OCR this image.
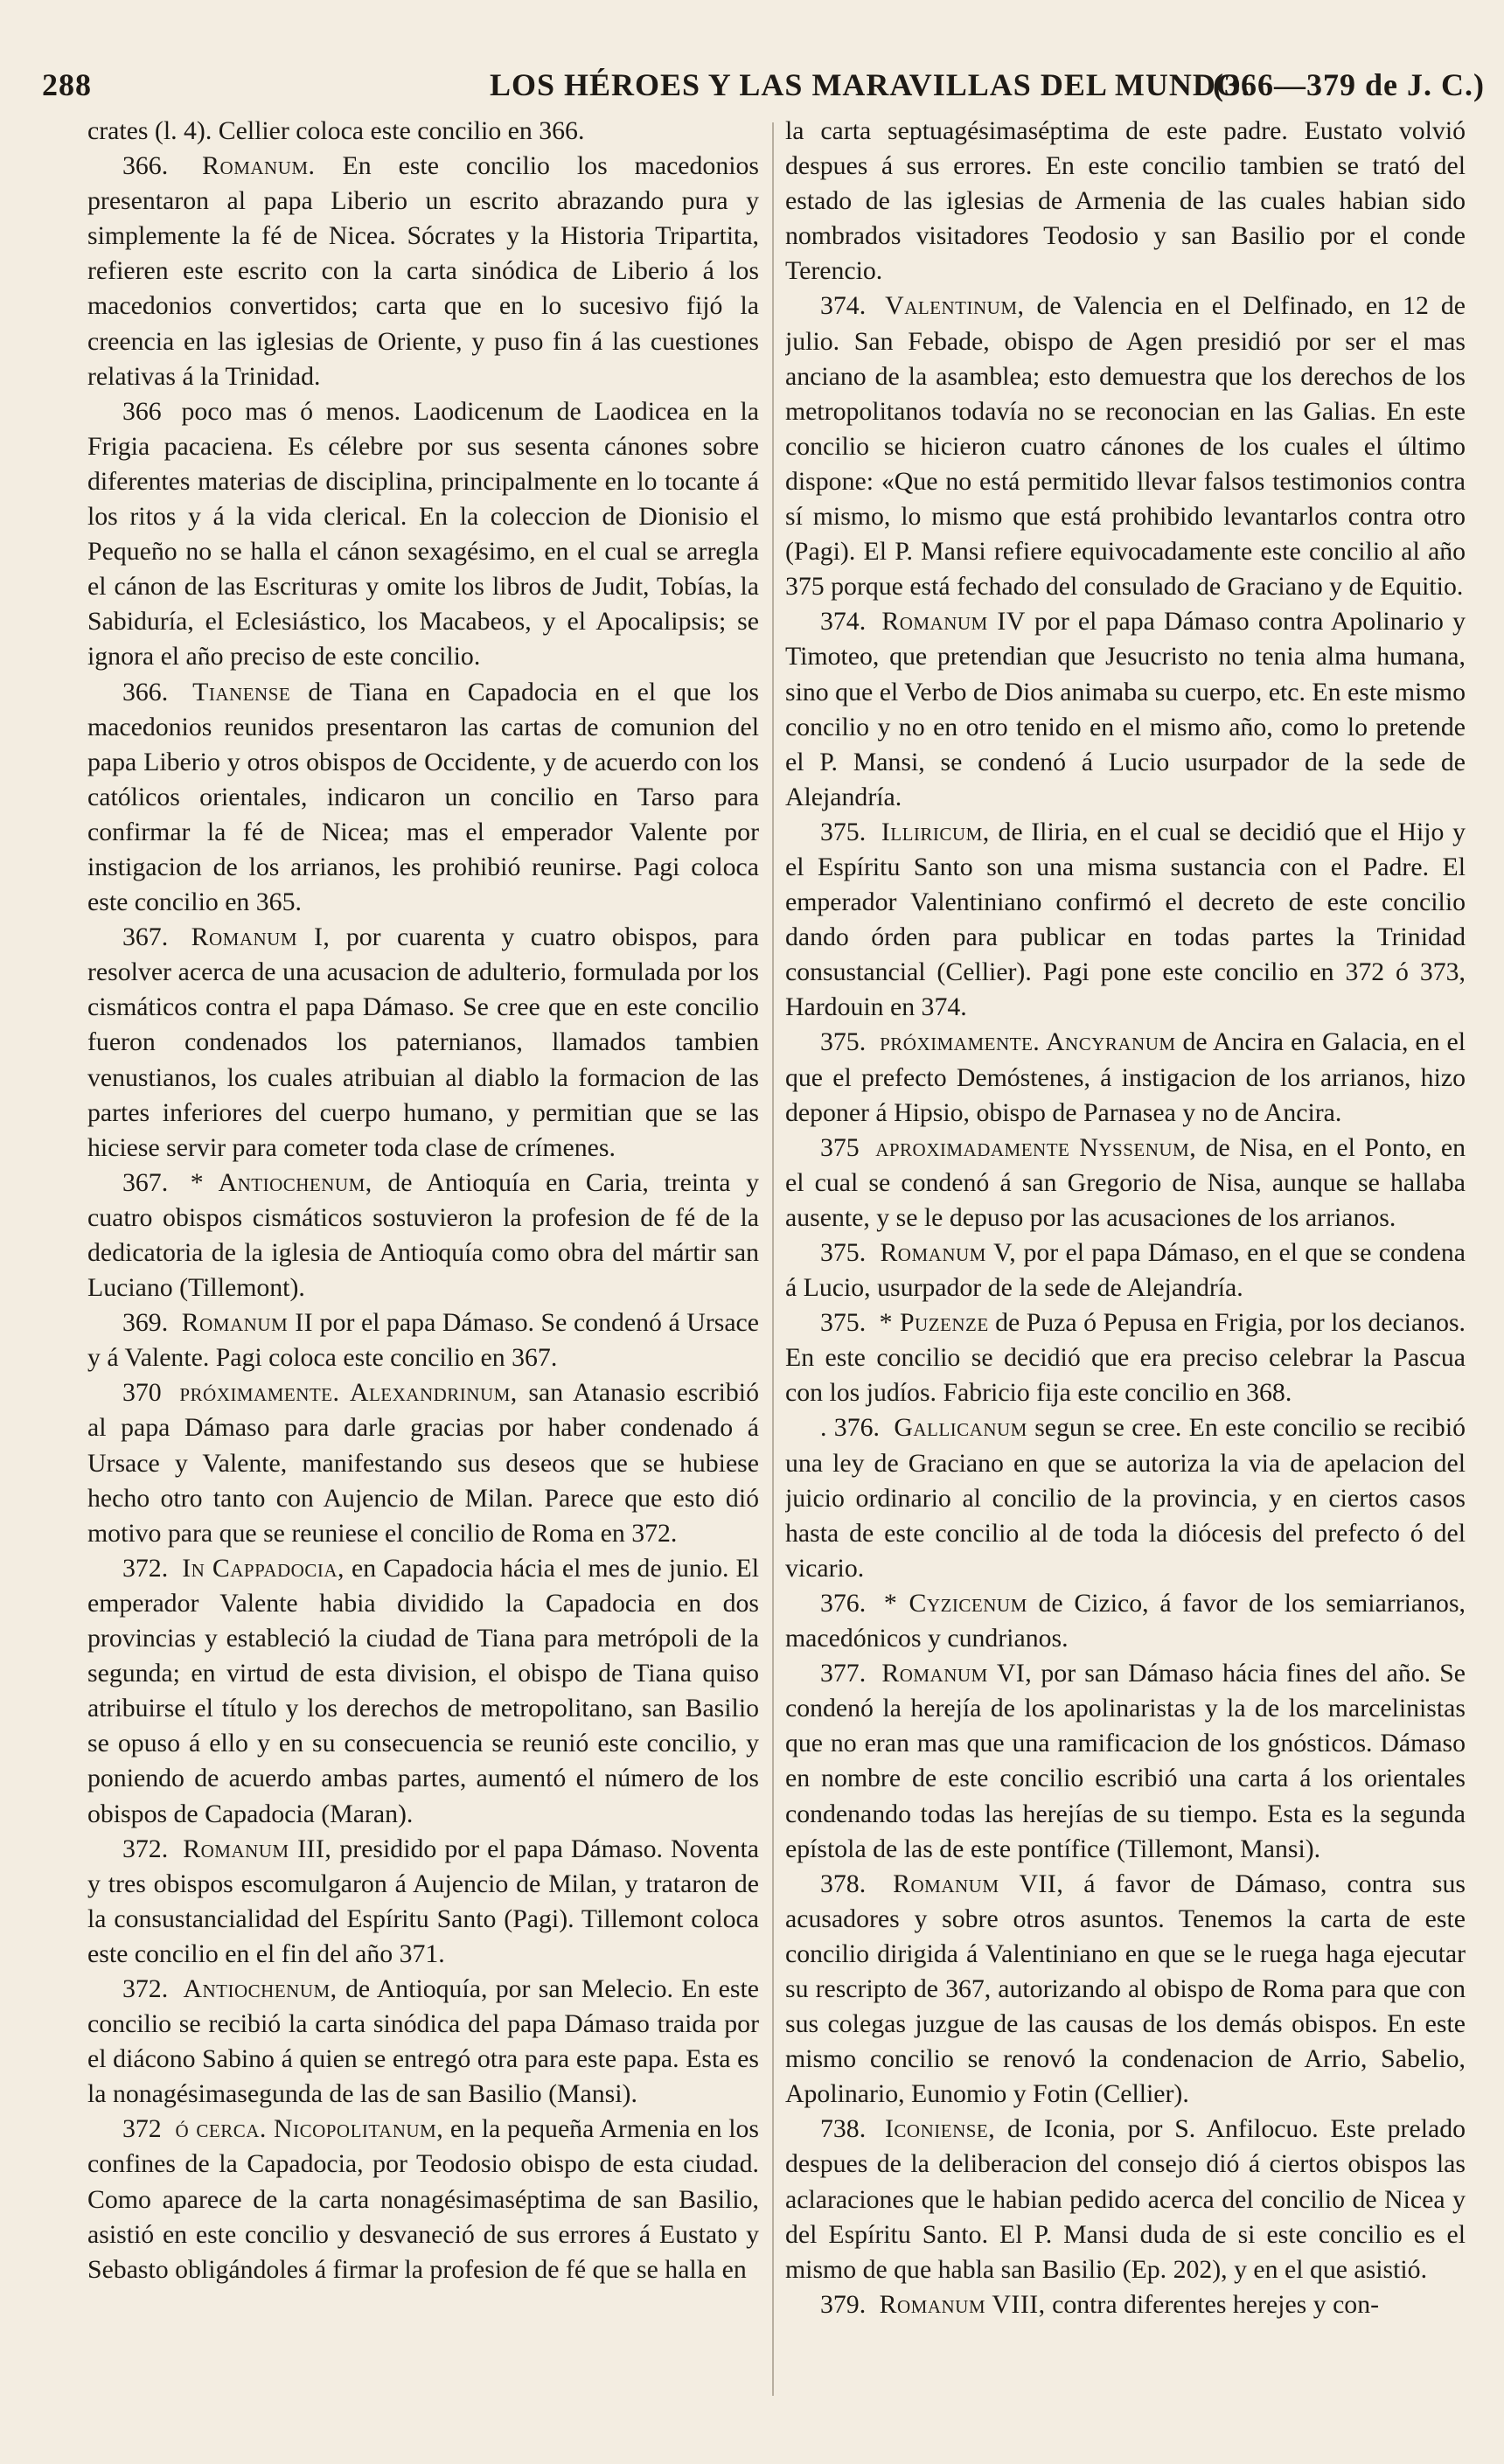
288	LOS HÉROES Y LAS MARAVILLAS DEL MUNDO.
(366—379 de J. C.)

crates (l. 4). Cellier coloca este concilio en 366.

366. Romanum. En este concilio los macedonios presentaron al papa Liberio un escrito abrazando pura y simplemente la fé de Nicea. Sócrates y la Historia Tripartita, refieren este escrito con la carta sinódica de Liberio á los macedonios convertidos; carta que en lo sucesivo fijó la creencia en las iglesias de Oriente, y puso fin á las cuestiones relativas á la Trinidad.

366 poco mas ó menos. Laodicenum de Laodicea en la Frigia pacaciena. Es célebre por sus sesenta cánones sobre diferentes materias de disciplina, principalmente en lo tocante á los ritos y á la vida clerical. En la coleccion de Dionisio el Pequeño no se halla el cánon sexagésimo, en el cual se arregla el cánon de las Escrituras y omite los libros de Judit, Tobías, la Sabiduría, el Eclesiástico, los Macabeos, y el Apocalipsis; se ignora el año preciso de este concilio.

366. Tianense de Tiana en Capadocia en el que los macedonios reunidos presentaron las cartas de comunion del papa Liberio y otros obispos de Occidente, y de acuerdo con los católicos orientales, indicaron un concilio en Tarso para confirmar la fé de Nicea; mas el emperador Valente por instigacion de los arrianos, les prohibió reunirse. Pagi coloca este concilio en 365.

367. Romanum I, por cuarenta y cuatro obispos, para resolver acerca de una acusacion de adulterio, formulada por los cismáticos contra el papa Dámaso. Se cree que en este concilio fueron condenados los paternianos, llamados tambien venustianos, los cuales atribuian al diablo la formacion de las partes inferiores del cuerpo humano, y permitian que se las hiciese servir para cometer toda clase de crímenes.

367. * Antiochenum, de Antioquía en Caria, treinta y cuatro obispos cismáticos sostuvieron la profesion de fé de la dedicatoria de la iglesia de Antioquía como obra del mártir san Luciano (Tillemont).

369. Romanum II por el papa Dámaso. Se condenó á Ursace y á Valente. Pagi coloca este concilio en 367.

370 próximamente. Alexandrinum, san Atanasio escribió al papa Dámaso para darle gracias por haber condenado á Ursace y Valente, manifestando sus deseos que se hubiese hecho otro tanto con Aujencio de Milan. Parece que esto dió motivo para que se reuniese el concilio de Roma en 372.

372. In Cappadocia, en Capadocia hácia el mes de junio. El emperador Valente habia dividido la Capadocia en dos provincias y estableció la ciudad de Tiana para metrópoli de la segunda; en virtud de esta division, el obispo de Tiana quiso atribuirse el título y los derechos de metropolitano, san Basilio se opuso á ello y en su consecuencia se reunió este concilio, y poniendo de acuerdo ambas partes, aumentó el número de los obispos de Capadocia (Maran).

372. Romanum III, presidido por el papa Dámaso. Noventa y tres obispos escomulgaron á Aujencio de Milan, y trataron de la consustancialidad del Espíritu Santo (Pagi). Tillemont coloca este concilio en el fin del año 371.

372. Antiochenum, de Antioquía, por san Melecio. En este concilio se recibió la carta sinódica del papa Dámaso traida por el diácono Sabino á quien se entregó otra para este papa. Esta es la nonagésimasegunda de las de san Basilio (Mansi).

372 ó cerca. Nicopolitanum, en la pequeña Armenia en los confines de la Capadocia, por Teodosio obispo de esta ciudad. Como aparece de la carta nonagésimaséptima de san Basilio, asistió en este concilio y desvaneció de sus errores á Eustato y Sebasto obligándoles á firmar la profesion de fé que se halla en

la carta septuagésimaséptima de este padre. Eustato volvió despues á sus errores. En este concilio tambien se trató del estado de las iglesias de Armenia de las cuales habian sido nombrados visitadores Teodosio y san Basilio por el conde Terencio.

374. Valentinum, de Valencia en el Delfinado, en 12 de julio. San Febade, obispo de Agen presidió por ser el mas anciano de la asamblea; esto demuestra que los derechos de los metropolitanos todavía no se reconocian en las Galias. En este concilio se hicieron cuatro cánones de los cuales el último dispone: «Que no está permitido llevar falsos testimonios contra sí mismo, lo mismo que está prohibido levantarlos contra otro (Pagi). El P. Mansi refiere equivocadamente este concilio al año 375 porque está fechado del consulado de Graciano y de Equitio.

374. Romanum IV por el papa Dámaso contra Apolinario y Timoteo, que pretendian que Jesucristo no tenia alma humana, sino que el Verbo de Dios animaba su cuerpo, etc. En este mismo concilio y no en otro tenido en el mismo año, como lo pretende el P. Mansi, se condenó á Lucio usurpador de la sede de Alejandría.

375. Illiricum, de Iliria, en el cual se decidió que el Hijo y el Espíritu Santo son una misma sustancia con el Padre. El emperador Valentiniano confirmó el decreto de este concilio dando órden para publicar en todas partes la Trinidad consustancial (Cellier). Pagi pone este concilio en 372 ó 373, Hardouin en 374.

375. próximamente. Ancyranum de Ancira en Galacia, en el que el prefecto Demóstenes, á instigacion de los arrianos, hizo deponer á Hipsio, obispo de Parnasea y no de Ancira.

375 aproximadamente Nyssenum, de Nisa, en el Ponto, en el cual se condenó á san Gregorio de Nisa, aunque se hallaba ausente, y se le depuso por las acusaciones de los arrianos.

375. Romanum V, por el papa Dámaso, en el que se condena á Lucio, usurpador de la sede de Alejandría.

375. * Puzenze de Puza ó Pepusa en Frigia, por los decianos. En este concilio se decidió que era preciso celebrar la Pascua con los judíos. Fabricio fija este concilio en 368.

. 376. Gallicanum segun se cree. En este concilio se recibió una ley de Graciano en que se autoriza la via de apelacion del juicio ordinario al concilio de la provincia, y en ciertos casos hasta de este concilio al de toda la diócesis del prefecto ó del vicario.

376. * Cyzicenum de Cizico, á favor de los semiarrianos, macedónicos y cundrianos.

377. Romanum VI, por san Dámaso hácia fines del año. Se condenó la herejía de los apolinaristas y la de los marcelinistas que no eran mas que una ramificacion de los gnósticos. Dámaso en nombre de este concilio escribió una carta á los orientales condenando todas las herejías de su tiempo. Esta es la segunda epístola de las de este pontífice (Tillemont, Mansi).

378. Romanum VII, á favor de Dámaso, contra sus acusadores y sobre otros asuntos. Tenemos la carta de este concilio dirigida á Valentiniano en que se le ruega haga ejecutar su rescripto de 367, autorizando al obispo de Roma para que con sus colegas juzgue de las causas de los demás obispos. En este mismo concilio se renovó la condenacion de Arrio, Sabelio, Apolinario, Eunomio y Fotin (Cellier).

738. Iconiense, de Iconia, por S. Anfilocuo. Este prelado despues de la deliberacion del consejo dió á ciertos obispos las aclaraciones que le habian pedido acerca del concilio de Nicea y del Espíritu Santo. El P. Mansi duda de si este concilio es el mismo de que habla san Basilio (Ep. 202), y en el que asistió.

379. Romanum VIII, contra diferentes herejes y con-
